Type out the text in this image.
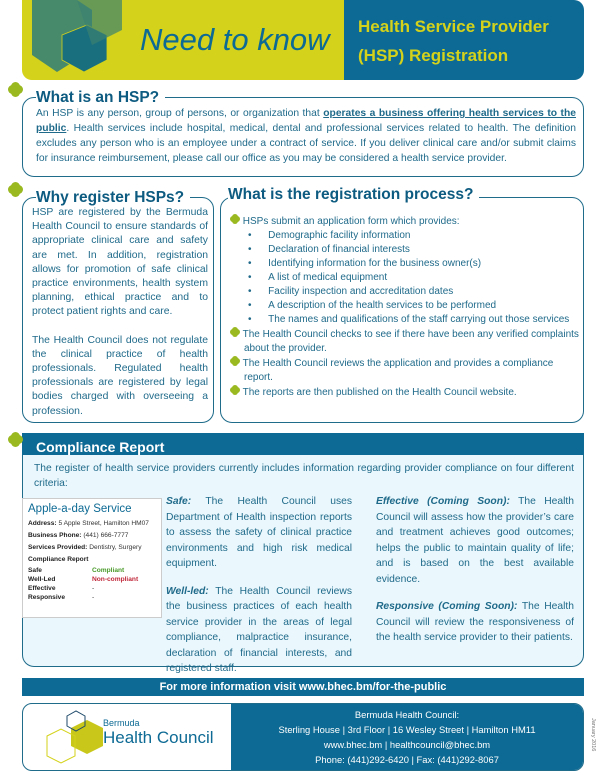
Need to know Health Service Provider
(HSP) Registration
What is an HSP?
An HSP is any person, group of persons, or organization that operates a business offering health services to the public. Health services include hospital, medical, dental and professional services related to health. The definition excludes any person who is an employee under a contract of service. If you deliver clinical care and/or submit claims for insurance reimbursement, please call our office as you may be considered a health service provider.
Why register HSPs?

HSP are registered by the Bermuda Health Council to ensure standards of appropriate clinical care and safety are met. In addition, registration allows for promotion of safe clinical practice environments, health system planning, ethical practice and to protect patient rights and care.

The Health Council does not regulate the clinical practice of health professionals. Regulated health professionals are registered by legal bodies charged with overseeing a profession.

What is the registration process?
HSPs submit an application form which provides:
•      Demographic facility information
•      Declaration of financial interests
•      Identifying information for the business owner(s)
•      A list of medical equipment
•      Facility inspection and accreditation dates
•      A description of the health services to be performed
•      The names and qualifications of the staff carrying out those services
The Health Council checks to see if there have been any verified complaints about the provider.
The Health Council reviews the application and provides a compliance report.
The reports are then published on the Health Council website.
Compliance Report
The register of health service providers currently includes information regarding provider compliance on four different criteria:
Apple-a-day Service
Address: 5 Apple Street, Hamilton HM07
Business Phone: (441) 666-7777
Services Provided: Dentistry, Surgery
Compliance Report
Safe	Compliant
Well-Led	Non-compliant
Effective	-
Responsive	-

Safe: The Health Council uses Department of Health inspection reports to assess the safety of clinical practice environments and high risk medical equipment.

Well-led: The Health Council reviews the business practices of each health service provider in the areas of legal compliance, malpractice insurance, declaration of financial interests, and registered staff.

Effective (Coming Soon): The Health Council will assess how the provider’s care and treatment achieves good outcomes; helps the public to maintain quality of life; and is based on the best available evidence.

Responsive (Coming Soon): The Health Council will review the responsiveness of the health service provider to their patients.

For more information visit www.bhec.bm/for-the-public
Bermuda
Health Council
Bermuda Health Council:
Sterling House | 3rd Floor | 16 Wesley Street | Hamilton HM11
www.bhec.bm | healthcouncil@bhec.bm
Phone: (441)292-6420 | Fax: (441)292-8067
January 2016
